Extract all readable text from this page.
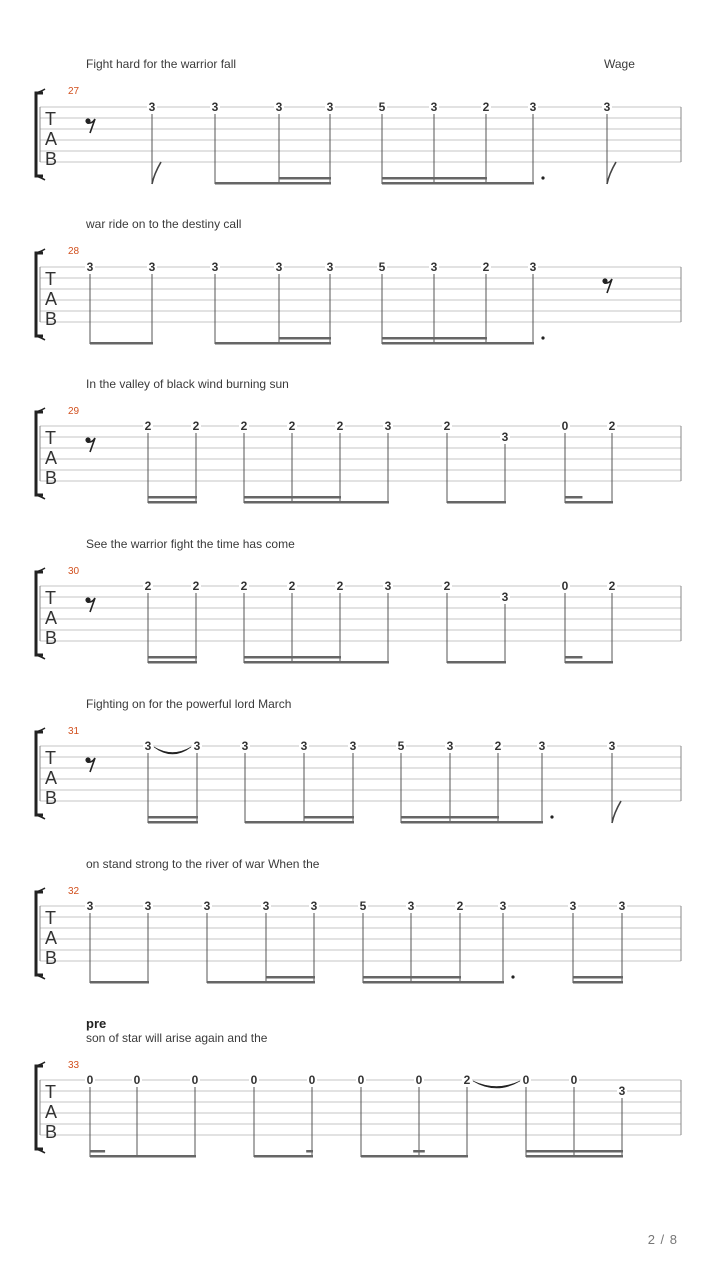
Fight hard for the warrior fall	Wage
27
T
A
B
3	3	3	3	5	3	2	3	3
war ride on to the destiny call
28
T
A
B
3	3	3	3	3	5	3	2	3
In the valley of black wind burning sun
29
T
A
B
2	2	2	2	2	3	2
3
0	2
See the warrior fight the time has come
30
T
A
B
2	2	2	2	2	3	2
3
0	2
Fighting on for the powerful lord March
31
T
A
B
3	3	3	3	3	5	3	2	3	3
on stand strong to the river of war When the
32
T
A
B
3	3	3	3	3	5	3	2	3	3	3
son of star will arise again and the
pre
33
T
A
B
0	0	0	0	0	0	0	2	0	0
3
2 / 8
